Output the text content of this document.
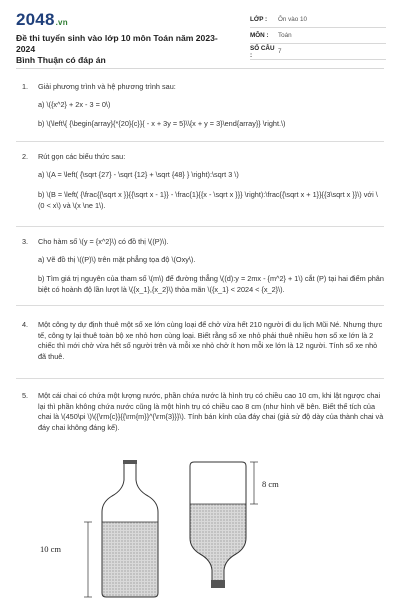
2048.vn
Đề thi tuyển sinh vào lớp 10 môn Toán năm 2023-2024
Bình Thuận có đáp án
LỚP :	Ôn vào 10
MÔN :	Toán
SỐ CÂU :	7
1. Giải phương trình và hệ phương trình sau:
a) \({x^2} + 2x - 3 = 0\)
b) \(\left\{ {\begin{array}{*{20}{c}}{ - x + 3y = 5}\\{x + y = 3}\end{array}} \right.\)
2. Rút gọn các biểu thức sau:
a) \(A = \left( {\sqrt {27} - \sqrt {12} + \sqrt {48} } \right):\sqrt 3 \)
b) \(B = \left( {\frac{{\sqrt x }}{{\sqrt x - 1}} - \frac{1}{{x - \sqrt x }}} \right):\frac{{\sqrt x + 1}}{{3\sqrt x }}\) với \(0 < x\) và \(x \ne 1\).
3. Cho hàm số \(y = {x^2}\) có đồ thị \((P)\).
a) Vẽ đồ thị \((P)\) trên mặt phẳng tọa độ \(Oxy\).
b) Tìm giá trị nguyên của tham số \(m\) để đường thẳng \((d):y = 2mx - {m^2} + 1\) cắt (P) tại hai điểm phân biệt có hoành độ lần lượt là \({x_1},{x_2}\) thỏa mãn \({x_1} < 2024 < {x_2}\).
4. Một công ty dự định thuê một số xe lớn cùng loại để chở vừa hết 210 người đi du lịch Mũi Né. Nhưng thực tế, công ty lại thuê toàn bộ xe nhỏ hơn cùng loại. Biết rằng số xe nhỏ phải thuê nhiều hơn số xe lớn là 2 chiếc thì mới chở vừa hết số người trên và mỗi xe nhỏ chở ít hơn mỗi xe lớn là 12 người. Tính số xe nhỏ đã thuê.
5. Một cái chai có chứa một lượng nước, phần chứa nước là hình trụ có chiều cao 10 cm, khi lật ngược chai lại thì phần không chứa nước cũng là một hình trụ có chiều cao 8 cm (như hình vẽ bên. Biết thể tích của chai là \(450\pi \)\({\rm{c}}{{\rm{m}}^{\rm{3}}}\). Tính bán kính của đáy chai (giả sử độ dày của thành chai và đáy chai không đáng kể).
10 cm
8 cm
